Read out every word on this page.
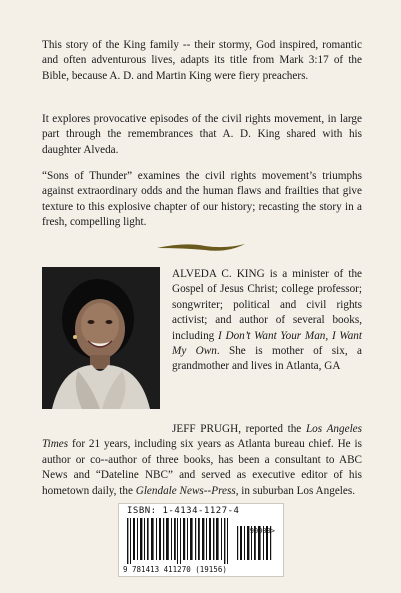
This story of the King family -- their stormy, God inspired, romantic and often adventurous lives, adapts its title from Mark 3:17 of the Bible, because A. D. and Martin King were fiery preachers.

It explores provocative episodes of the civil rights movement, in large part through the remembrances that A. D. King shared with his daughter Alveda.

“Sons of Thunder” examines the civil rights movement’s triumphs against extraordinary odds and the human flaws and frailties that give texture to this explosive chapter of our history; recasting the story in a fresh, compelling light.

ALVEDA C. KING is a minister of the Gospel of Jesus Christ; college professor; songwriter; political and civil rights activist; and author of several books, including I Don’t Want Your Man, I Want My Own. She is mother of six, a grandmother and lives in Atlanta, GA

JEFF PRUGH, reported the Los Angeles Times for 21 years, including six years as Atlanta bureau chief. He is author or co--author of three books, has been a consultant to ABC News and “Dateline NBC” and served as executive editor of his hometown daily, the Glendale News--Press, in suburban Los Angeles.

ISBN: 1-4134-1127-4
90000>
9 781413 411270 (19156)
